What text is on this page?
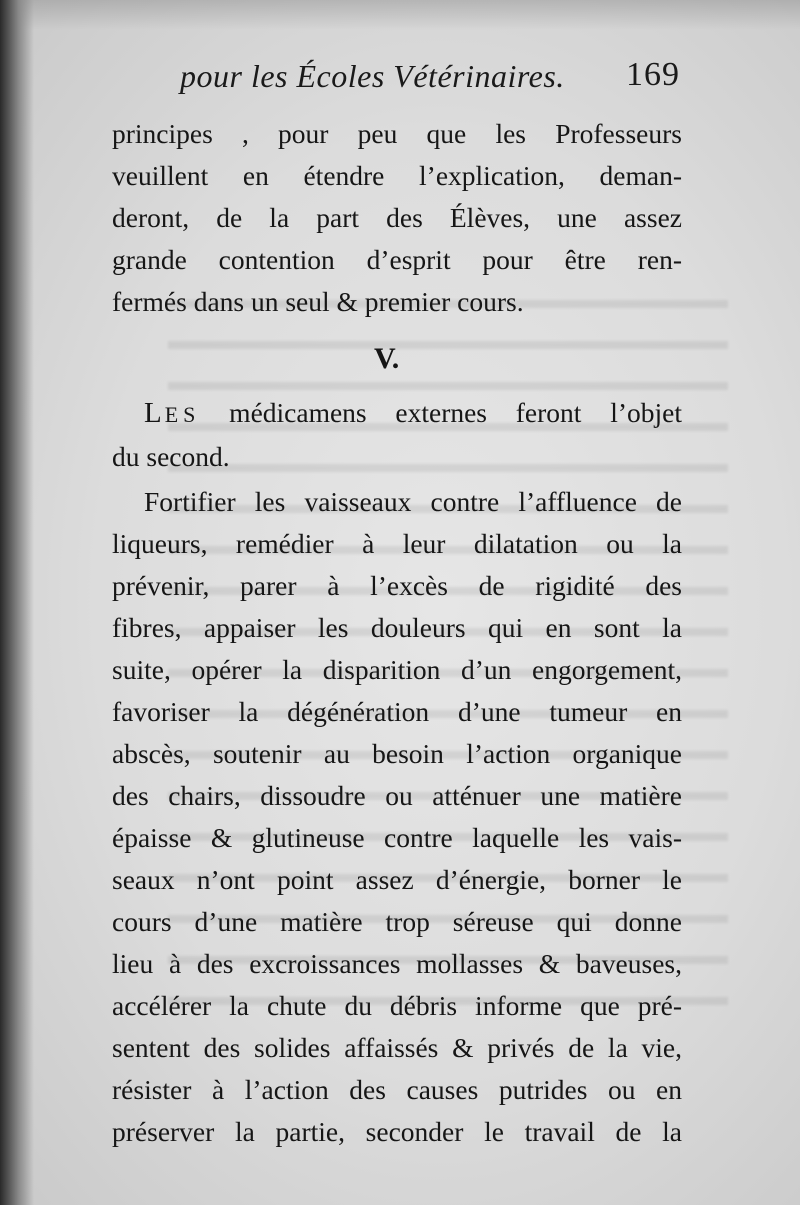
pour les Écoles Vétérinaires. 169

principes , pour peu que les Professeurs

veuillent en étendre l’explication, deman-

deront, de la part des Élèves, une assez

grande contention d’esprit pour être ren-

fermés dans un seul & premier cours.

V.

LES médicamens externes feront l’objet

du second.

Fortifier les vaisseaux contre l’affluence de

liqueurs, remédier à leur dilatation ou la

prévenir, parer à l’excès de rigidité des

fibres, appaiser les douleurs qui en sont la

suite, opérer la disparition d’un engorgement,

favoriser la dégénération d’une tumeur en

abscès, soutenir au besoin l’action organique

des chairs, dissoudre ou atténuer une matière

épaisse & glutineuse contre laquelle les vais-

seaux n’ont point assez d’énergie, borner le

cours d’une matière trop séreuse qui donne

lieu à des excroissances mollasses & baveuses,

accélérer la chute du débris informe que pré-

sentent des solides affaissés & privés de la vie,

résister à l’action des causes putrides ou en

préserver la partie, seconder le travail de la
